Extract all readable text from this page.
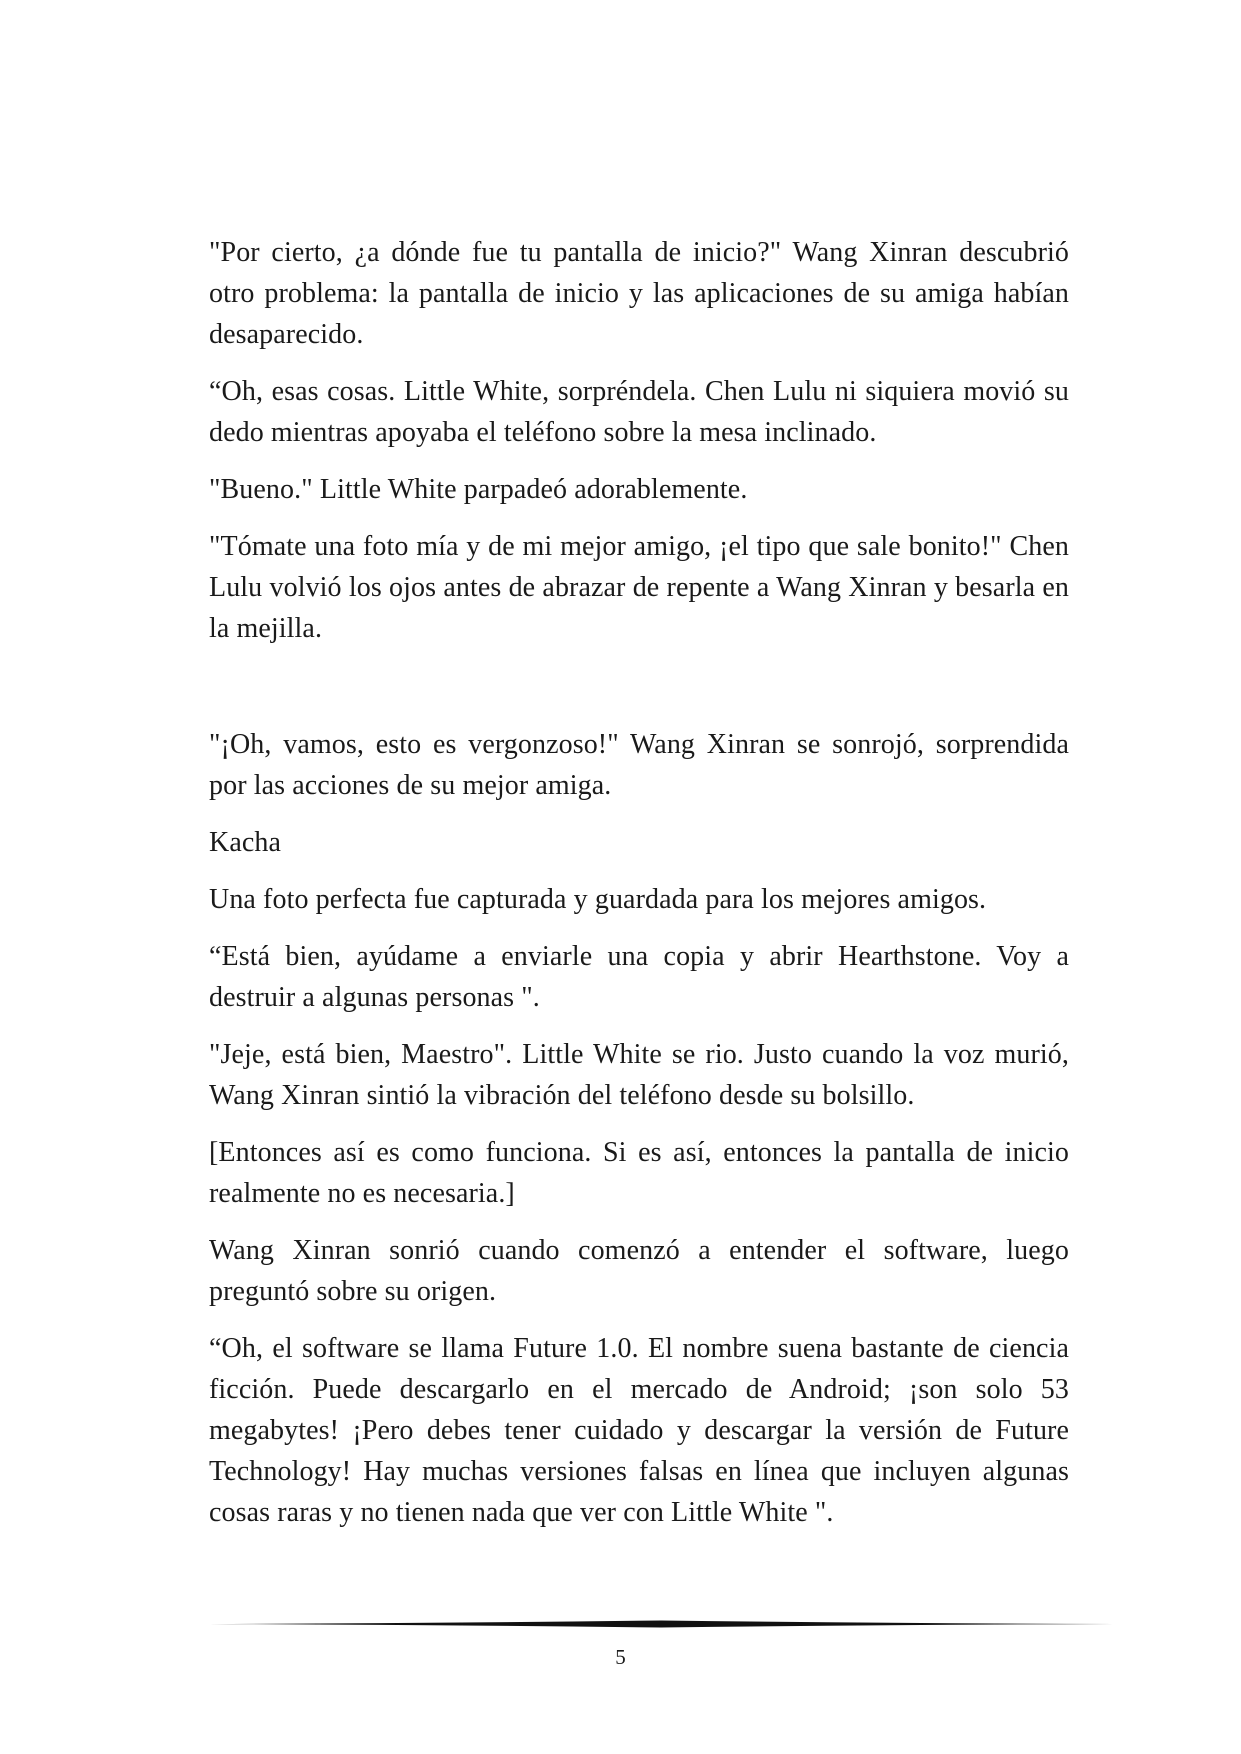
"Por cierto, ¿a dónde fue tu pantalla de inicio?" Wang Xinran descubrió otro problema: la pantalla de inicio y las aplicaciones de su amiga habían desaparecido.

“Oh, esas cosas. Little White, sorpréndela. Chen Lulu ni siquiera movió su dedo mientras apoyaba el teléfono sobre la mesa inclinado.

"Bueno." Little White parpadeó adorablemente.

"Tómate una foto mía y de mi mejor amigo, ¡el tipo que sale bonito!" Chen Lulu volvió los ojos antes de abrazar de repente a Wang Xinran y besarla en la mejilla.

"¡Oh, vamos, esto es vergonzoso!" Wang Xinran se sonrojó, sorprendida por las acciones de su mejor amiga.

Kacha

Una foto perfecta fue capturada y guardada para los mejores amigos.

“Está bien, ayúdame a enviarle una copia y abrir Hearthstone. Voy a destruir a algunas personas ".

"Jeje, está bien, Maestro". Little White se rio. Justo cuando la voz murió, Wang Xinran sintió la vibración del teléfono desde su bolsillo.

[Entonces así es como funciona. Si es así, entonces la pantalla de inicio realmente no es necesaria.]

Wang Xinran sonrió cuando comenzó a entender el software, luego preguntó sobre su origen.

“Oh, el software se llama Future 1.0. El nombre suena bastante de ciencia ficción. Puede descargarlo en el mercado de Android; ¡son solo 53 megabytes! ¡Pero debes tener cuidado y descargar la versión de Future Technology! Hay muchas versiones falsas en línea que incluyen algunas cosas raras y no tienen nada que ver con Little White ".

5
